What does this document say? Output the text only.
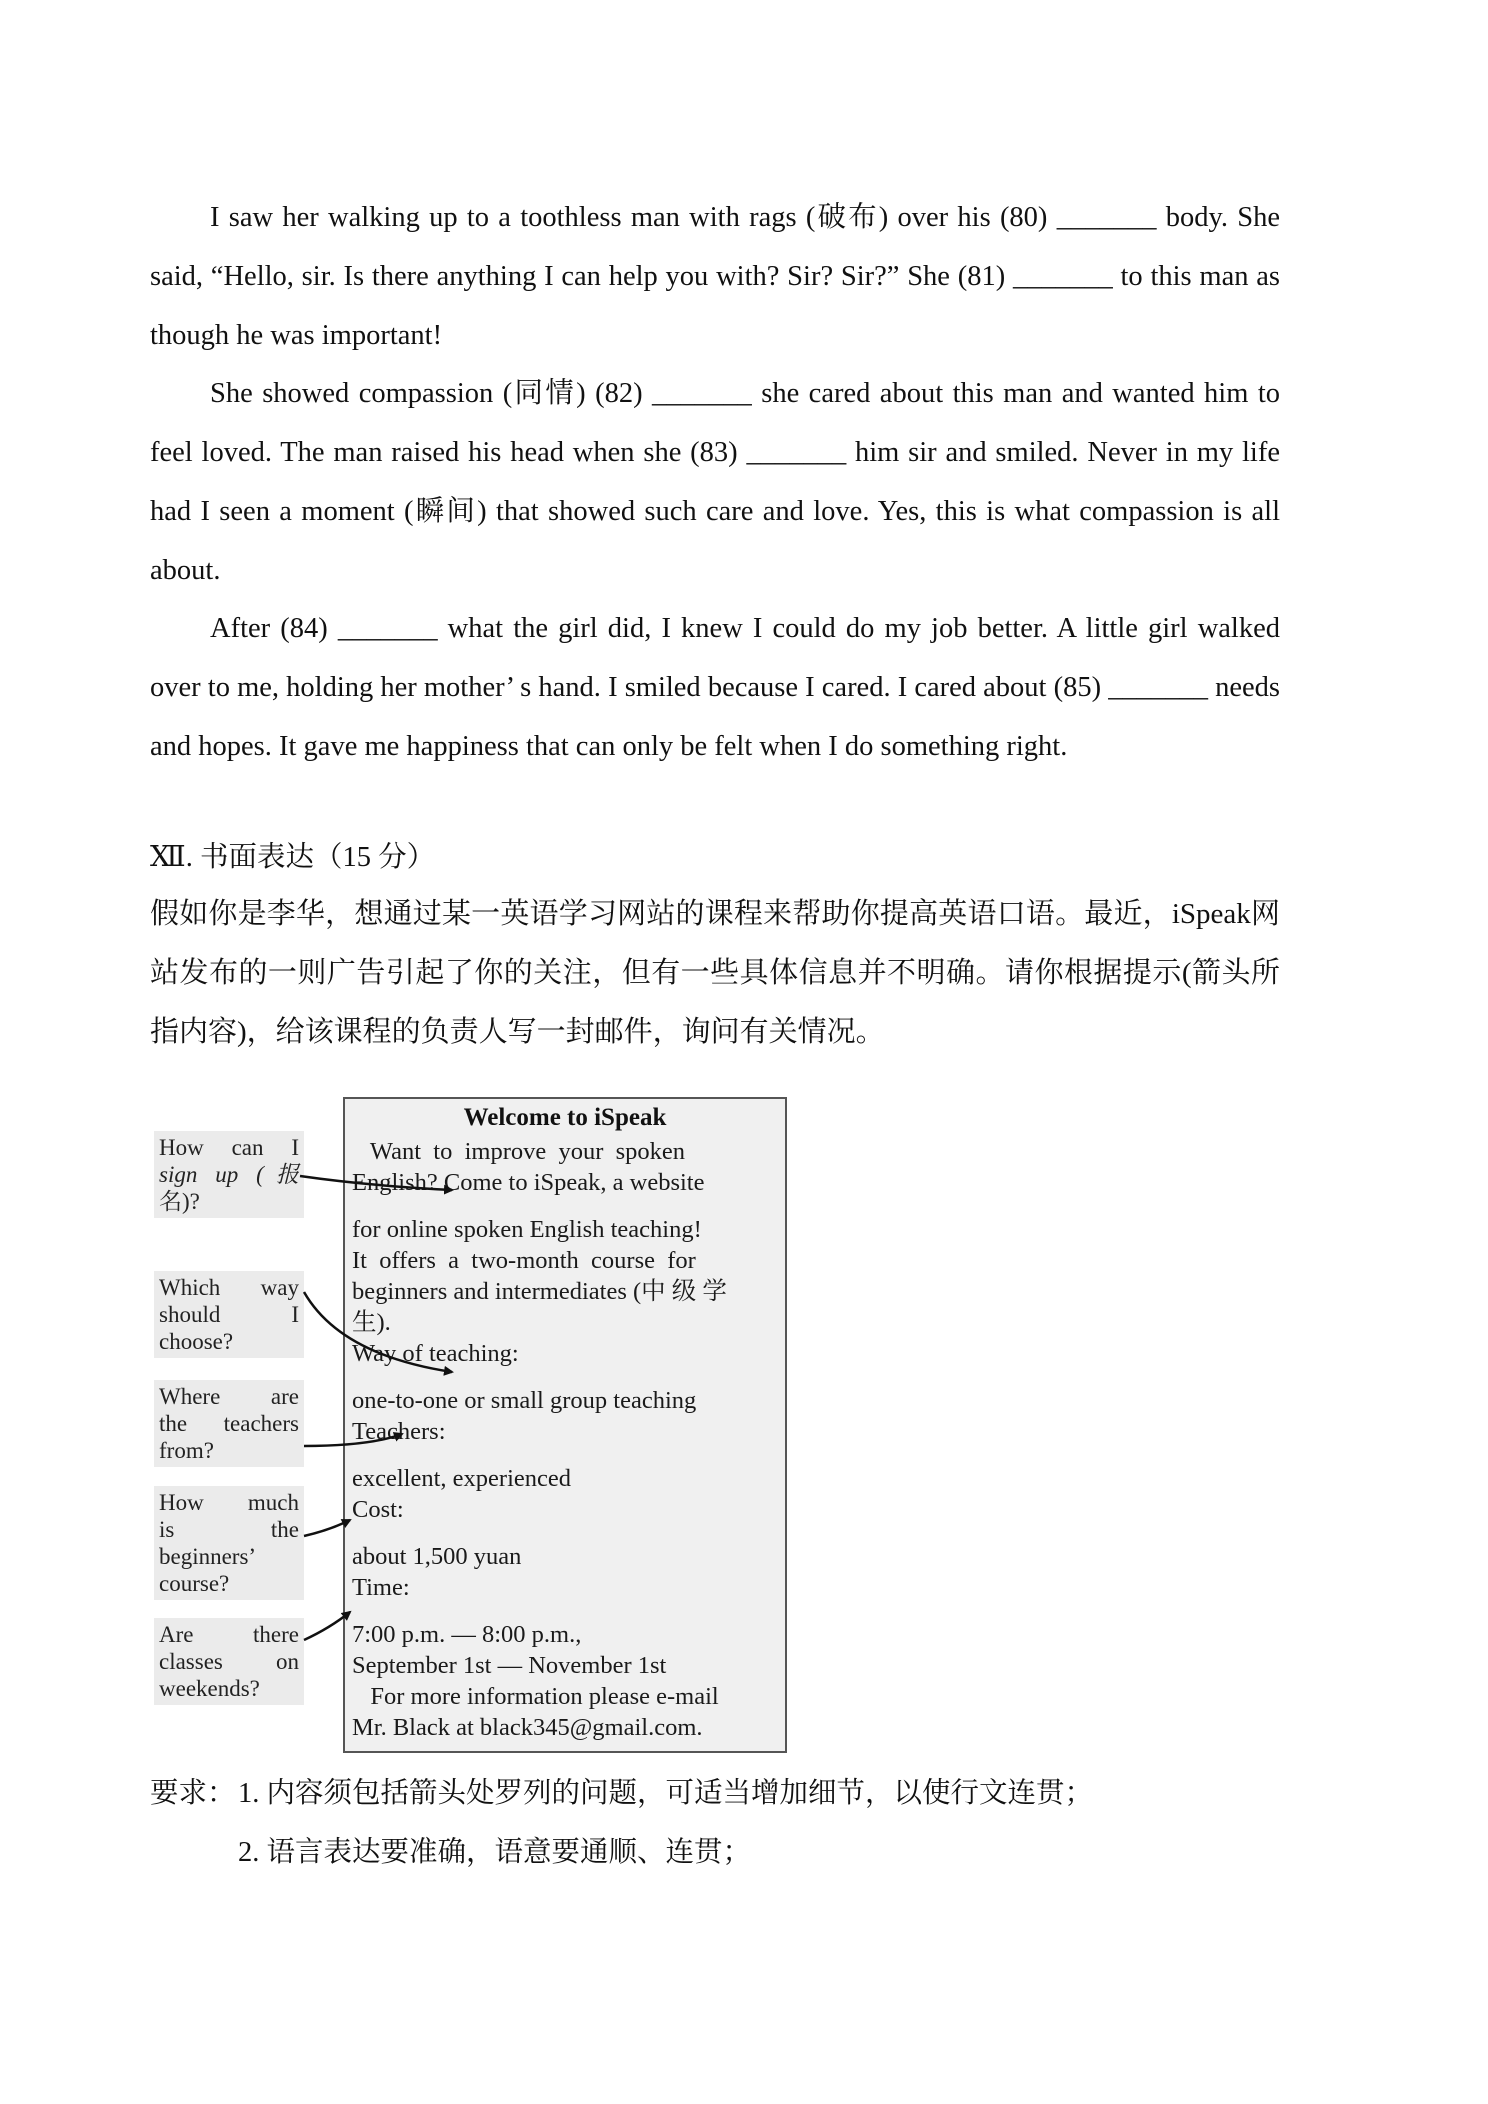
I saw her walking up to a toothless man with rags (破布) over his (80) _______ body. She said, “Hello, sir. Is there anything I can help you with? Sir? Sir?” She (81) _______ to this man as though he was important!

She showed compassion (同情) (82) _______ she cared about this man and wanted him to feel loved. The man raised his head when she (83) _______ him sir and smiled. Never in my life had I seen a moment (瞬间) that showed such care and love. Yes, this is what compassion is all about.

After (84) _______ what the girl did, I knew I could do my job better. A little girl walked over to me, holding her mother’ s hand. I smiled because I cared. I cared about (85) _______ needs and hopes. It gave me happiness that can only be felt when I do something right.

Ⅻ. 书面表达（15 分）

假如你是李华，想通过某一英语学习网站的课程来帮助你提高英语口语。最近，iSpeak网站发布的一则广告引起了你的关注，但有一些具体信息并不明确。请你根据提示(箭头所指内容)，给该课程的负责人写一封邮件，询问有关情况。

Welcome to iSpeak

Want  to  improve  your  spoken

English? Come to iSpeak, a website

for online spoken English teaching!

It  offers  a  two-month  course  for

beginners and intermediates (中 级 学

生).

Way of teaching:

one-to-one or small group teaching

Teachers:

excellent, experienced

Cost:

about 1,500 yuan

Time:

7:00 p.m. — 8:00 p.m.,

September 1st — November 1st

For more information please e-mail

Mr. Black at black345@gmail.com.

How can I
sign up (报
名)?
Which way
should I
choose?
Where are
the teachers
from?
How much
is the
beginners’
course?
Are there
classes on
weekends?

要求： 1. 内容须包括箭头处罗列的问题，可适当增加细节，以使行文连贯；

2. 语言表达要准确，语意要通顺、连贯；
